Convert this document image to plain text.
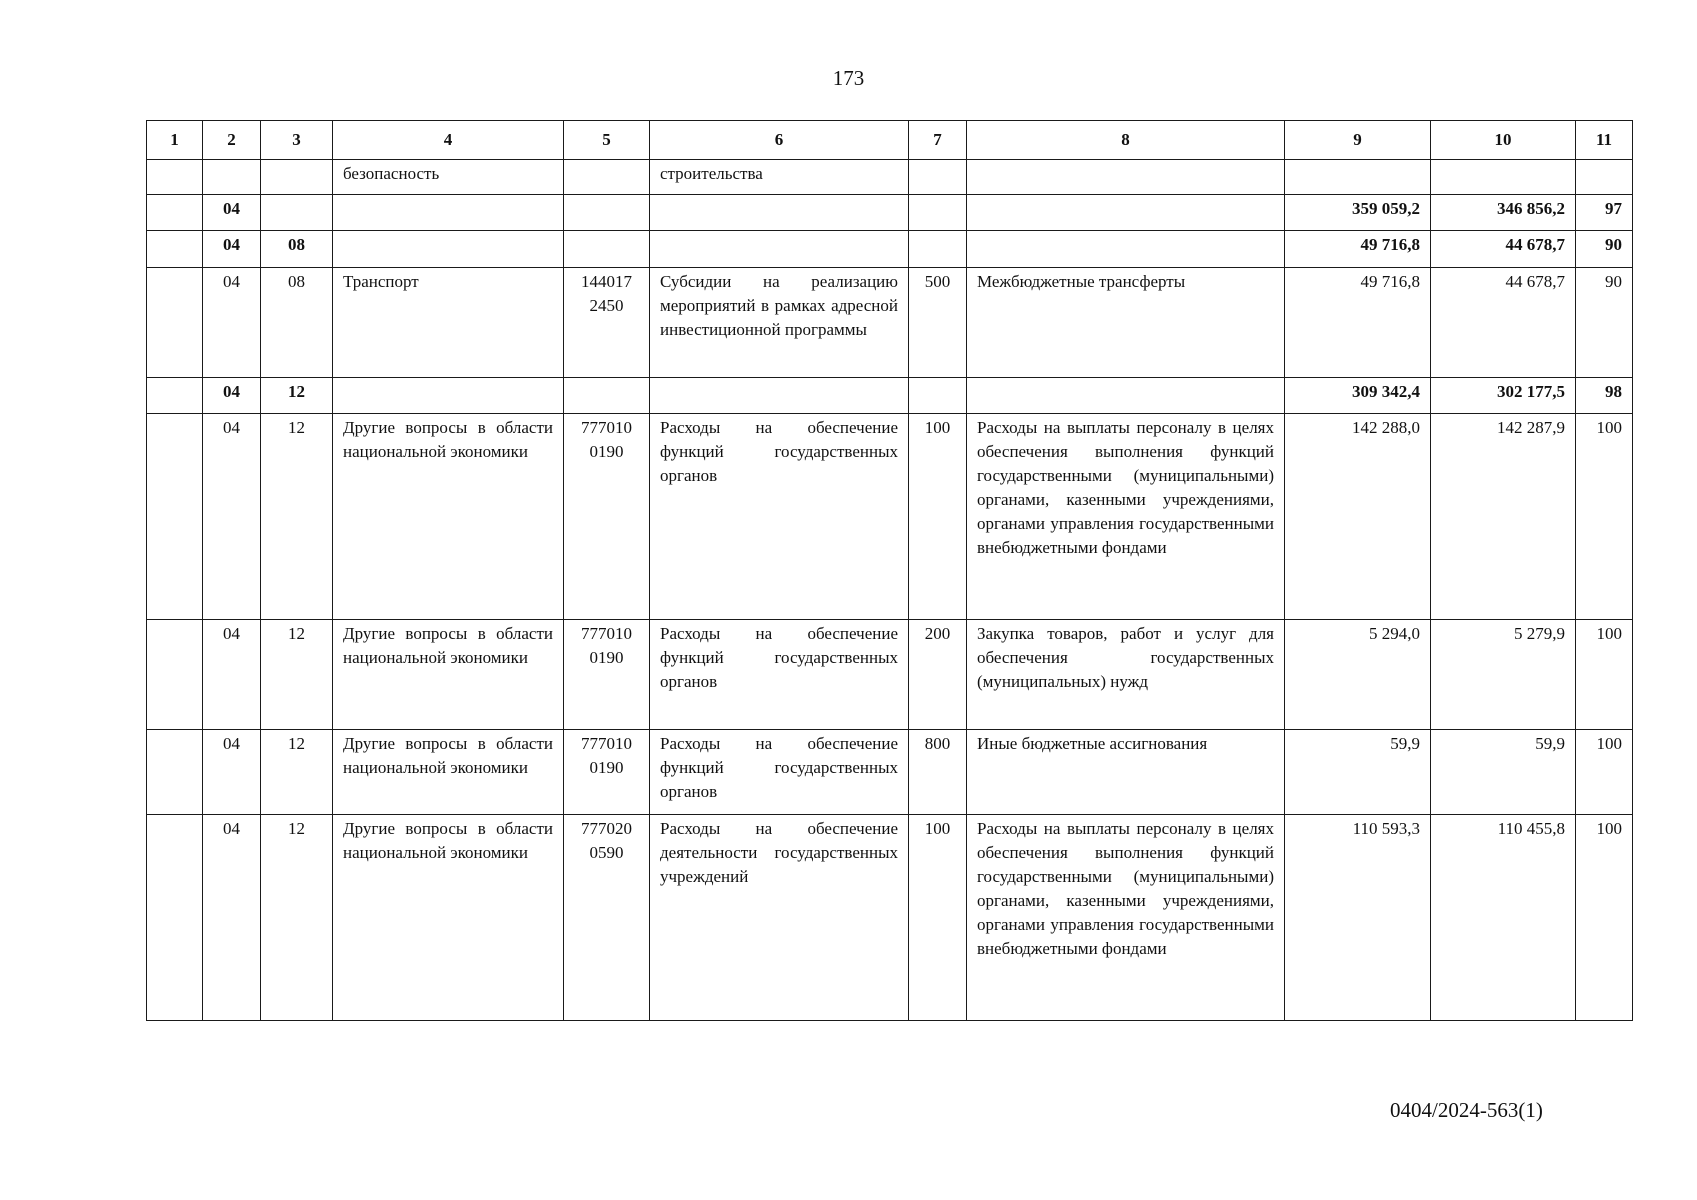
173
1	2	3	4	5	6	7	8	9	10	11
			безопасность		строительства					
	04							359 059,2	346 856,2	97
	04	08						49 716,8	44 678,7	90
	04	08	Транспорт	144017 2450	Субсидии на реализацию мероприятий в рамках адресной инвестиционной программы	500	Межбюджетные трансферты	49 716,8	44 678,7	90
	04	12						309 342,4	302 177,5	98
	04	12	Другие вопросы в области национальной экономики	777010 0190	Расходы на обеспечение функций государственных органов	100	Расходы на выплаты персоналу в целях обеспечения выполнения функций государственными (муниципальными) органами, казенными учреждениями, органами управления государственными внебюджетными фондами	142 288,0	142 287,9	100
	04	12	Другие вопросы в области национальной экономики	777010 0190	Расходы на обеспечение функций государственных органов	200	Закупка товаров, работ и услуг для обеспечения государственных (муниципальных) нужд	5 294,0	5 279,9	100
	04	12	Другие вопросы в области национальной экономики	777010 0190	Расходы на обеспечение функций государственных органов	800	Иные бюджетные ассигнования	59,9	59,9	100
	04	12	Другие вопросы в области национальной экономики	777020 0590	Расходы на обеспечение деятельности государственных учреждений	100	Расходы на выплаты персоналу в целях обеспечения выполнения функций государственными (муниципальными) органами, казенными учреждениями, органами управления государственными внебюджетными фондами	110 593,3	110 455,8	100
0404/2024-563(1)
